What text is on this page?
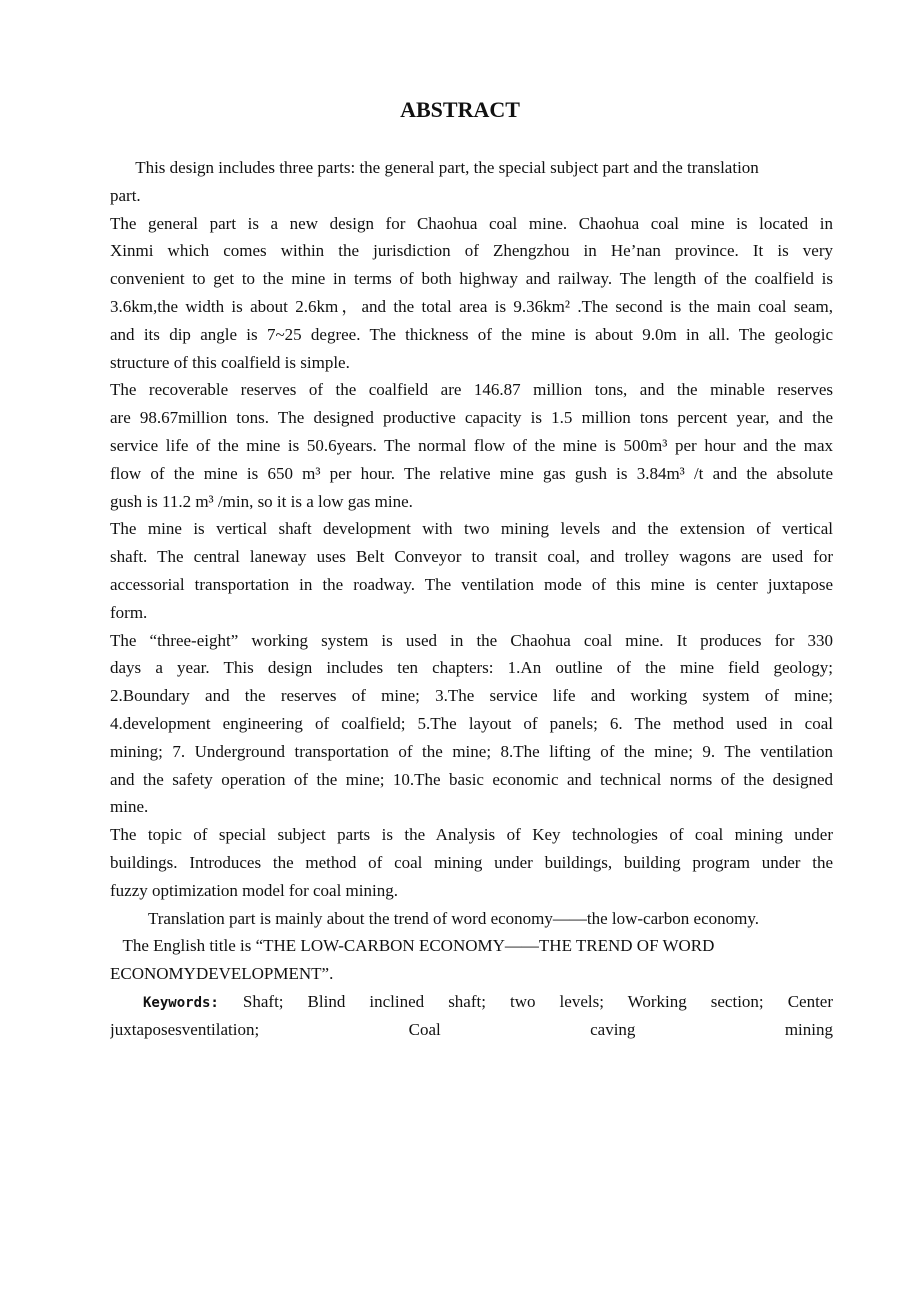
ABSTRACT
This design includes three parts: the general part, the special subject part and the translation
part.
The general part is a new design for Chaohua coal mine. Chaohua coal mine is located in
Xinmi which comes within the jurisdiction of Zhengzhou in He’nan province. It is very
convenient to get to the mine in terms of both highway and railway. The length of the coalfield is
3.6km,the width is about 2.6km，and the total area is 9.36km² .The second is the main coal seam,
and its dip angle is 7~25 degree. The thickness of the mine is about 9.0m in all. The geologic
structure of this coalfield is simple.
The recoverable reserves of the coalfield are 146.87 million tons, and the minable reserves
are 98.67million tons. The designed productive capacity is 1.5 million tons percent year, and the
service life of the mine is 50.6years. The normal flow of the mine is 500m³ per hour and the max
flow of the mine is 650 m³ per hour. The relative mine gas gush is 3.84m³ /t and the absolute
gush is 11.2 m³ /min, so it is a low gas mine.
The mine is vertical shaft development with two mining levels and the extension of vertical
shaft. The central laneway uses Belt Conveyor to transit coal, and trolley wagons are used for
accessorial transportation in the roadway. The ventilation mode of this mine is center juxtapose
form.
The “three-eight” working system is used in the Chaohua coal mine. It produces for 330
days a year. This design includes ten chapters: 1.An outline of the mine field geology;
2.Boundary and the reserves of mine; 3.The service life and working system of mine;
4.development engineering of coalfield; 5.The layout of panels; 6. The method used in coal
mining; 7. Underground transportation of the mine; 8.The lifting of the mine; 9. The ventilation
and the safety operation of the mine; 10.The basic economic and technical norms of the designed
mine.
The topic of special subject parts is the Analysis of Key technologies of coal mining under
buildings. Introduces the method of coal mining under buildings, building program under the
fuzzy optimization model for coal mining.
Translation part is mainly about the trend of word economy——the low-carbon economy.
The English title is “THE LOW-CARBON ECONOMY——THE TREND OF WORD
ECONOMYDEVELOPMENT”.
Keywords: Shaft; Blind inclined shaft; two levels; Working section; Center
juxtaposesventilation; Coal caving mining
